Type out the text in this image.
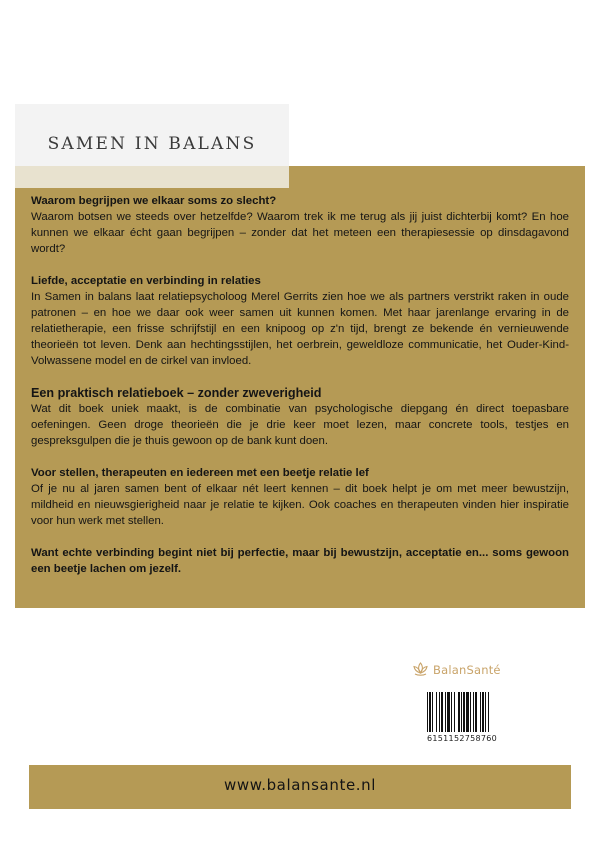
SAMEN IN BALANS

Waarom begrijpen we elkaar soms zo slecht?

Waarom botsen we steeds over hetzelfde? Waarom trek ik me terug als jij juist dichterbij komt? En hoe kunnen we elkaar écht gaan begrijpen – zonder dat het meteen een therapiesessie op dinsdagavond wordt?

Liefde, acceptatie en verbinding in relaties

In Samen in balans laat relatiepsycholoog Merel Gerrits zien hoe we als partners verstrikt raken in oude patronen – en hoe we daar ook weer samen uit kunnen komen. Met haar jarenlange ervaring in de relatietherapie, een frisse schrijfstijl en een knipoog op z'n tijd, brengt ze bekende én vernieuwende theorieën tot leven. Denk aan hechtingsstijlen, het oerbrein, geweldloze communicatie, het Ouder-Kind-Volwassene model en de cirkel van invloed.

Een praktisch relatieboek – zonder zweverigheid

Wat dit boek uniek maakt, is de combinatie van psychologische diepgang én direct toepasbare oefeningen. Geen droge theorieën die je drie keer moet lezen, maar concrete tools, testjes en gespreksgulpen die je thuis gewoon op de bank kunt doen.

Voor stellen, therapeuten en iedereen met een beetje relatie lef

Of je nu al jaren samen bent of elkaar nét leert kennen – dit boek helpt je om met meer bewustzijn, mildheid en nieuwsgierigheid naar je relatie te kijken. Ook coaches en therapeuten vinden hier inspiratie voor hun werk met stellen.

Want echte verbinding begint niet bij perfectie, maar bij bewustzijn, acceptatie en... soms gewoon een beetje lachen om jezelf.

BalanSanté
6151152758760
www.balansante.nl
